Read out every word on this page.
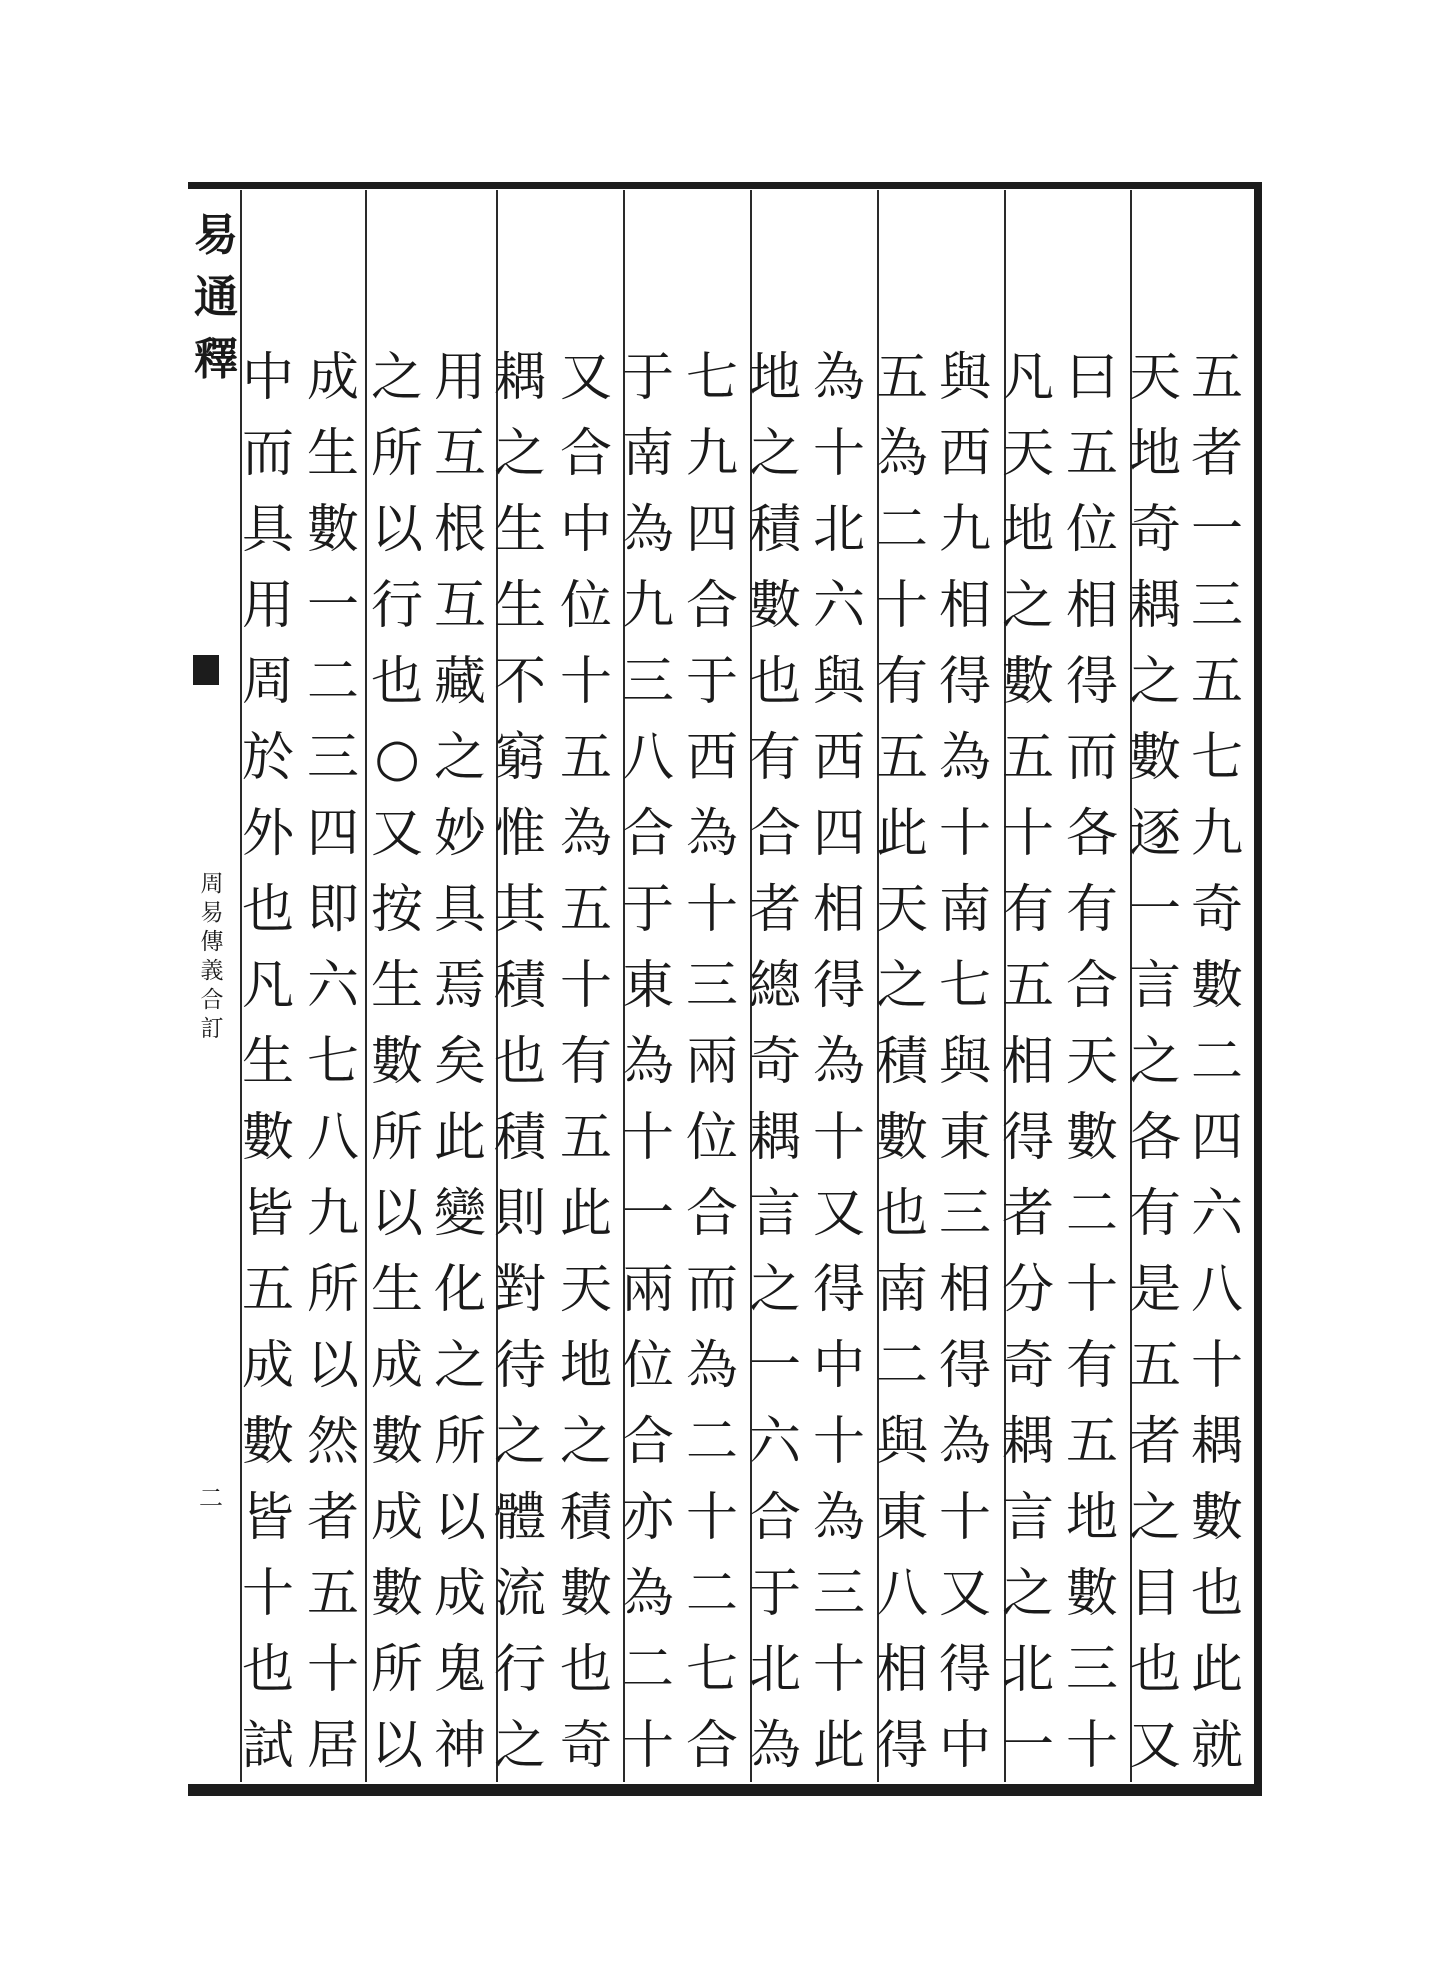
易
通
釋
周
易
傳
義
合
訂
二
五
者
一
三
五
七
九
奇
數
二
四
六
八
十
耦
數
也
此
就
天
地
奇
耦
之
數
逐
一
言
之
各
有
是
五
者
之
目
也
又
曰
五
位
相
得
而
各
有
合
天
數
二
十
有
五
地
數
三
十
凡
天
地
之
數
五
十
有
五
相
得
者
分
奇
耦
言
之
北
一
與
西
九
相
得
為
十
南
七
與
東
三
相
得
為
十
又
得
中
五
為
二
十
有
五
此
天
之
積
數
也
南
二
與
東
八
相
得
為
十
北
六
與
西
四
相
得
為
十
又
得
中
十
為
三
十
此
地
之
積
數
也
有
合
者
總
奇
耦
言
之
一
六
合
于
北
為
七
九
四
合
于
西
為
十
三
兩
位
合
而
為
二
十
二
七
合
于
南
為
九
三
八
合
于
東
為
十
一
兩
位
合
亦
為
二
十
又
合
中
位
十
五
為
五
十
有
五
此
天
地
之
積
數
也
奇
耦
之
生
生
不
窮
惟
其
積
也
積
則
對
待
之
體
流
行
之
用
互
根
互
藏
之
妙
具
焉
矣
此
變
化
之
所
以
成
鬼
神
之
所
以
行
也
○
又
按
生
數
所
以
生
成
數
成
數
所
以
成
生
數
一
二
三
四
即
六
七
八
九
所
以
然
者
五
十
居
中
而
具
用
周
於
外
也
凡
生
數
皆
五
成
數
皆
十
也
試
